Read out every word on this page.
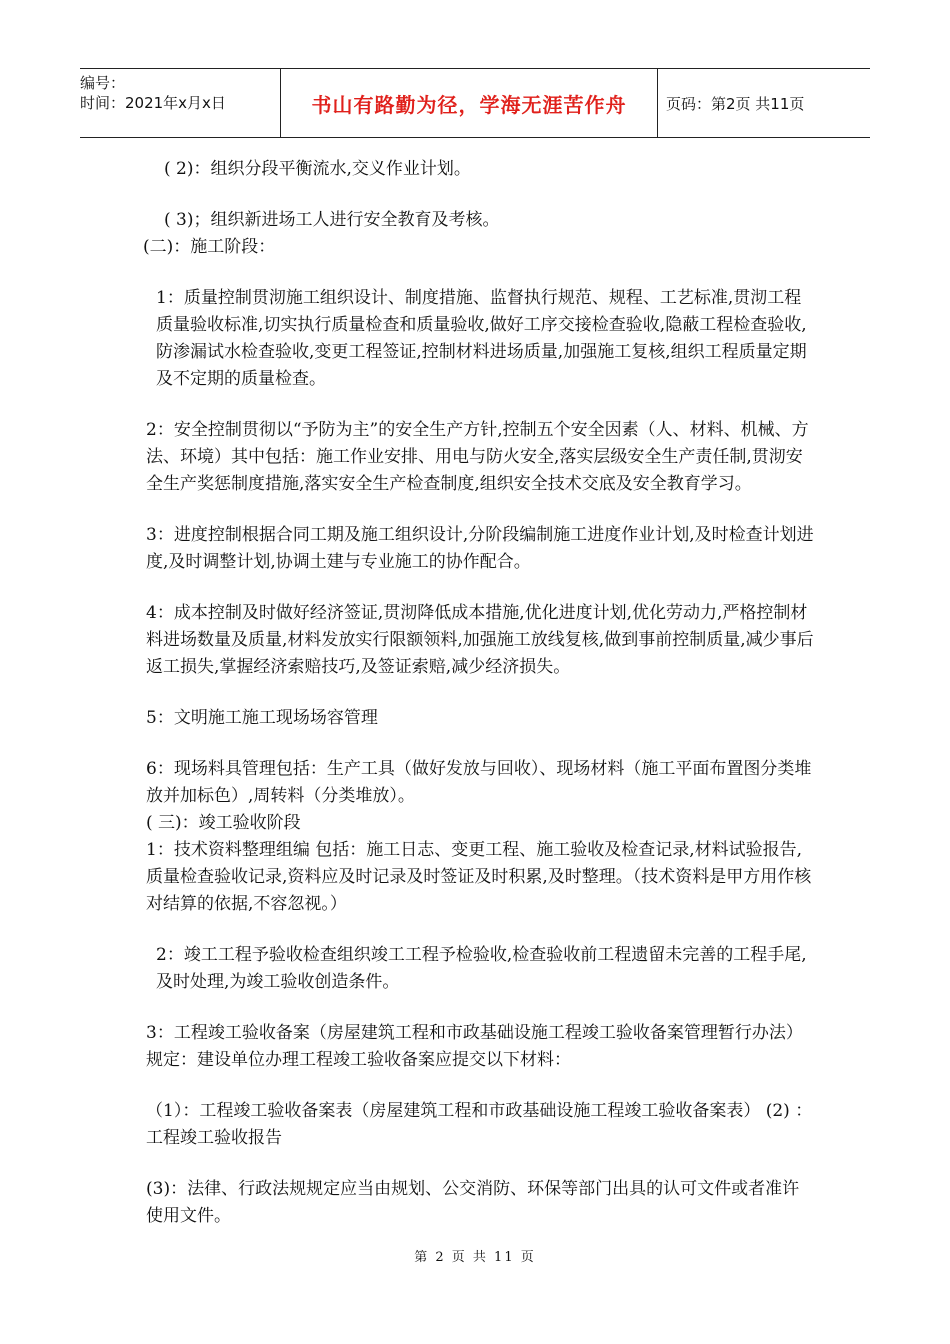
编号：
时间：2021年x月x日	书山有路勤为径，学海无涯苦作舟	页码：第2页 共11页

( 2)：组织分段平衡流水,交义作业计划。

( 3)；组织新进场工人进行安全教育及考核。

(二)：施工阶段：

1：质量控制贯沏施工组织设计、制度措施、监督执行规范、规程、工艺标准,贯沏工程质量验收标准,切实执行质量检查和质量验收,做好工序交接检查验收,隐蔽工程检查验收,防渗漏试水检查验收,变更工程签证,控制材料进场质量,加强施工复核,组织工程质量定期及不定期的质量检查。

2：安全控制贯彻以“予防为主”的安全生产方针,控制五个安全因素（人、材料、机械、方法、环境）其中包括：施工作业安排、用电与防火安全,落实层级安全生产责任制,贯沏安全生产奖惩制度措施,落实安全生产检查制度,组织安全技术交底及安全教育学习。

3：进度控制根据合同工期及施工组织设计,分阶段编制施工进度作业计划,及时检查计划进度,及时调整计划,协调土建与专业施工的协作配合。

4：成本控制及时做好经济签证,贯沏降低成本措施,优化进度计划,优化劳动力,严格控制材料进场数量及质量,材料发放实行限额领料,加强施工放线复核,做到事前控制质量,减少事后返工损失,掌握经济索赔技巧,及签证索赔,减少经济损失。

5：文明施工施工现场场容管理

6：现场料具管理包括：生产工具（做好发放与回收）、现场材料（施工平面布置图分类堆放并加标色）,周转料（分类堆放）。

( 三)：竣工验收阶段

1：技术资料整理组编 包括：施工日志、变更工程、施工验收及检查记录,材料试验报告,质量检查验收记录,资料应及时记录及时签证及时积累,及时整理。（技术资料是甲方用作核对结算的依据,不容忽视。）

2：竣工工程予验收检查组织竣工工程予检验收,检查验收前工程遗留未完善的工程手尾,及时处理,为竣工验收创造条件。

3：工程竣工验收备案（房屋建筑工程和市政基础设施工程竣工验收备案管理暂行办法）规定：建设单位办理工程竣工验收备案应提交以下材料：

（1）：工程竣工验收备案表（房屋建筑工程和市政基础设施工程竣工验收备案表） (2) ：工程竣工验收报告

(3)：法律、行政法规规定应当由规划、公交消防、环保等部门出具的认可文件或者准许使用文件。

第 2 页 共 11 页
